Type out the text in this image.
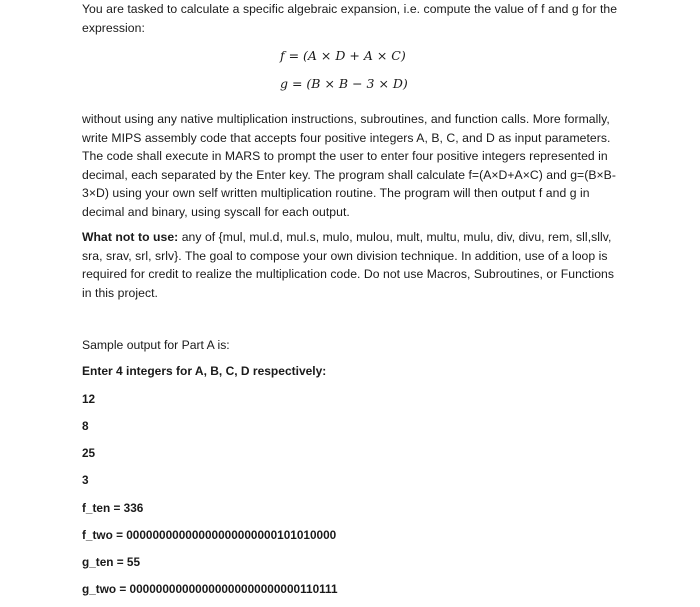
You are tasked to calculate a specific algebraic expansion, i.e. compute the value of f and g for the expression:

f = (A × D + A × C)
g = (B × B − 3 × D)

without using any native multiplication instructions, subroutines, and function calls. More formally, write MIPS assembly code that accepts four positive integers A, B, C, and D as input parameters. The code shall execute in MARS to prompt the user to enter four positive integers represented in decimal, each separated by the Enter key. The program shall calculate f=(A×D+A×C) and g=(B×B-3×D) using your own self written multiplication routine. The program will then output f and g in decimal and binary, using syscall for each output.

What not to use: any of {mul, mul.d, mul.s, mulo, mulou, mult, multu, mulu, div, divu, rem, sll,sllv, sra, srav, srl, srlv}. The goal to compose your own division technique. In addition, use of a loop is required for credit to realize the multiplication code. Do not use Macros, Subroutines, or Functions in this project.

Sample output for Part A is:
Enter 4 integers for A, B, C, D respectively:
12
8
25
3
f_ten = 336
f_two = 00000000000000000000000101010000
g_ten = 55
g_two = 00000000000000000000000000110111
